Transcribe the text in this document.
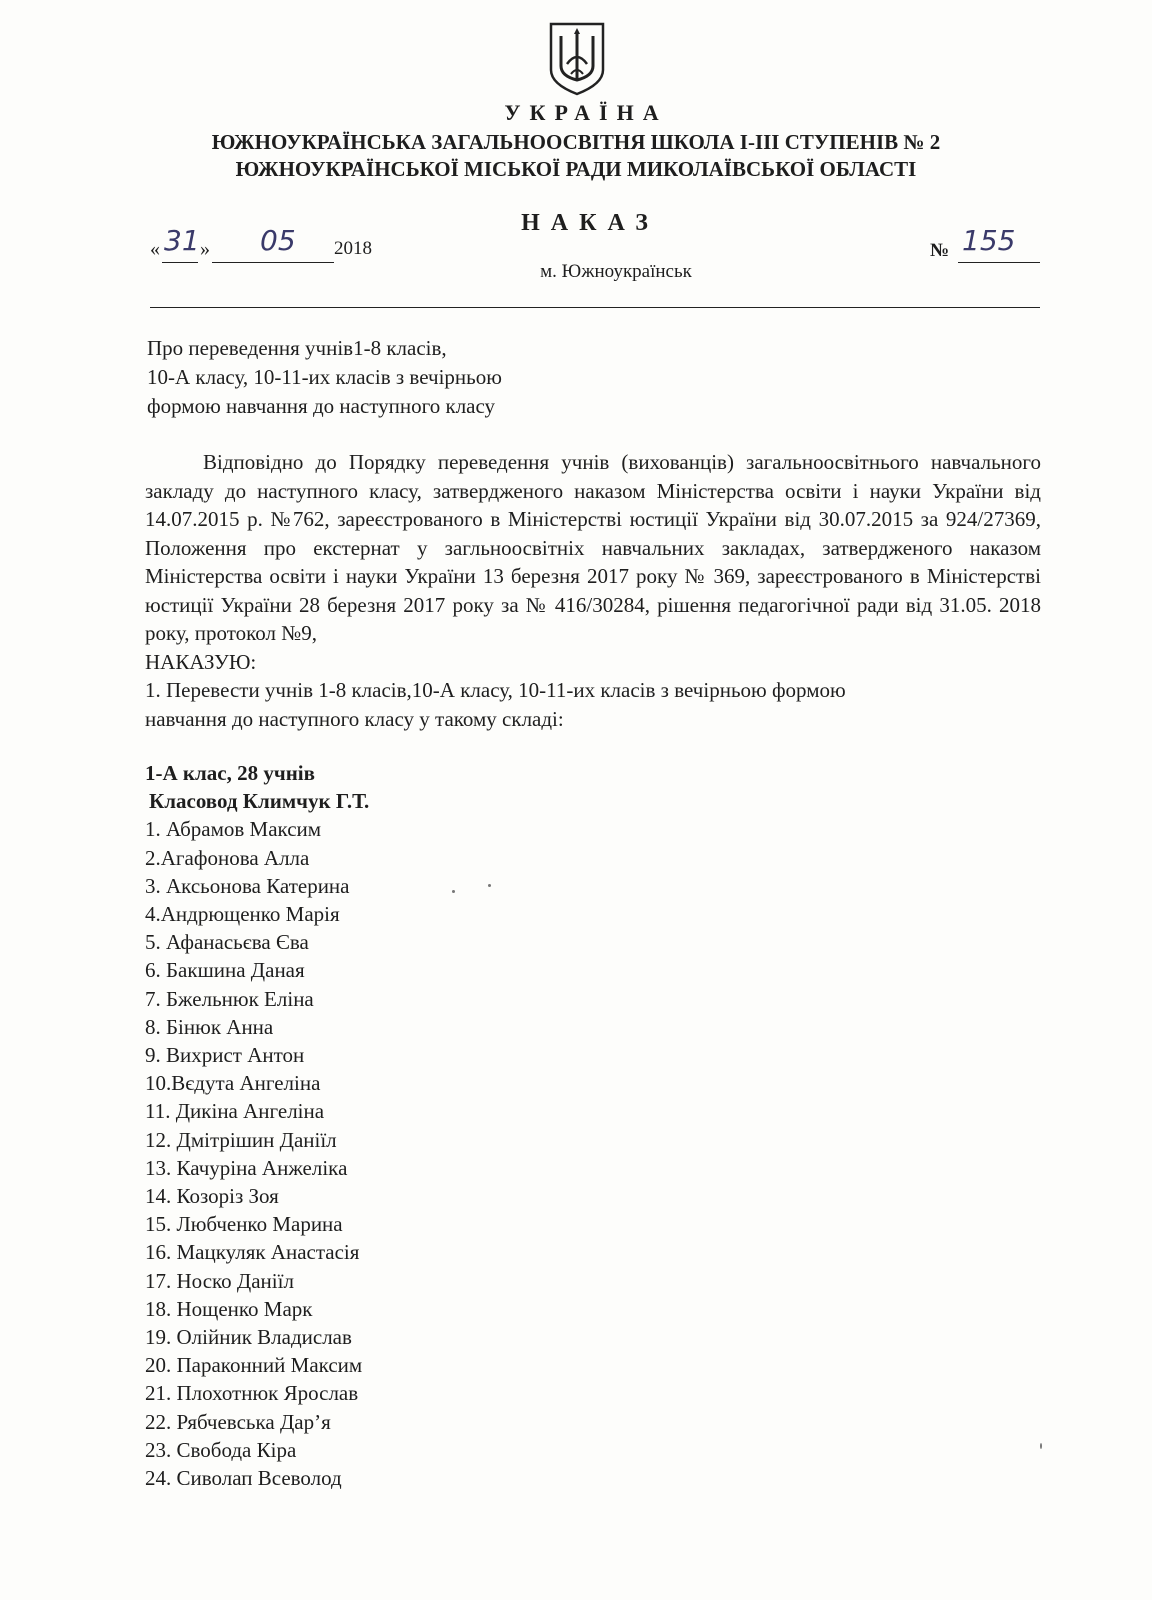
УКРАЇНА
ЮЖНОУКРАЇНСЬКА ЗАГАЛЬНООСВІТНЯ ШКОЛА І-ІІІ СТУПЕНІВ № 2
ЮЖНОУКРАЇНСЬКОЇ МІСЬКОЇ РАДИ МИКОЛАЇВСЬКОЇ ОБЛАСТІ
НАКАЗ
« 31 » 05 2018	№ 155
м. Южноукраїнськ
Про переведення учнів1-8 класів,
10-А класу, 10-11-их класів з вечірньою
формою навчання до наступного класу
Відповідно до Порядку переведення учнів (вихованців) загальноосвітнього навчального закладу до наступного класу, затвердженого наказом Міністерства освіти і науки України від 14.07.2015 р. №762, зареєстрованого в Міністерстві юстиції України від 30.07.2015 за 924/27369, Положення про екстернат у загльноосвітніх навчальних закладах, затвердженого наказом Міністерства освіти і науки України 13 березня 2017 року № 369, зареєстрованого в Міністерстві юстиції України 28 березня 2017 року за № 416/30284, рішення педагогічної ради від 31.05. 2018 року, протокол №9,
НАКАЗУЮ:
1. Перевести учнів 1-8 класів,10-А класу, 10-11-их класів з вечірньою формою
навчання до наступного класу у такому складі:
1-А клас, 28 учнів
Класовод Климчук Г.Т.
1. Абрамов Максим
2.Агафонова Алла
3. Аксьонова Катерина
4.Андрющенко Марія
5. Афанасьєва Єва
6. Бакшина Даная
7. Бжельнюк Еліна
8. Бінюк Анна
9. Вихрист Антон
10.Вєдута Ангеліна
11. Дикіна Ангеліна
12. Дмітрішин Даніїл
13. Качуріна Анжеліка
14. Козоріз Зоя
15. Любченко Марина
16. Мацкуляк Анастасія
17. Носко Даніїл
18. Нощенко Марк
19. Олійник Владислав
20. Параконний Максим
21. Плохотнюк Ярослав
22. Рябчевська Дар’я
23. Свобода Кіра
24. Сиволап Всеволод
